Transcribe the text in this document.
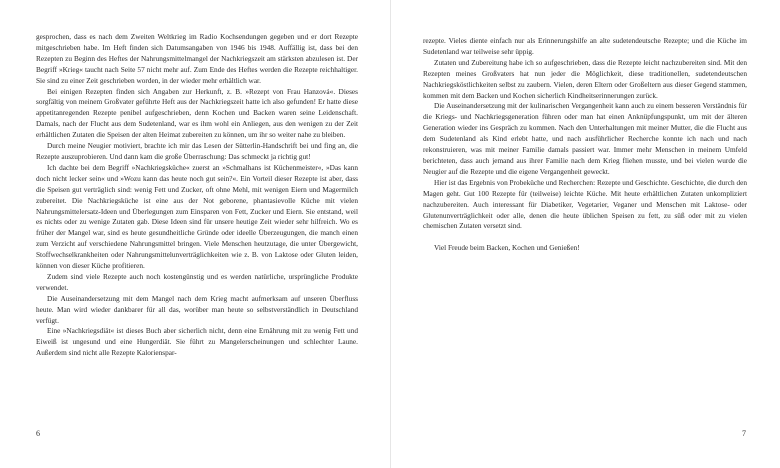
gesprochen, dass es nach dem Zweiten Weltkrieg im Radio Kochsendungen gegeben und er dort Rezepte mitgeschrieben habe. Im Heft finden sich Datumsangaben von 1946 bis 1948. Auffällig ist, dass bei den Rezepten zu Beginn des Heftes der Nahrungsmittelmangel der Nachkriegszeit am stärksten abzulesen ist. Der Begriff »Krieg« taucht nach Seite 57 nicht mehr auf. Zum Ende des Heftes werden die Rezepte reichhaltiger. Sie sind zu einer Zeit geschrieben worden, in der wieder mehr erhältlich war.

Bei einigen Rezepten finden sich Angaben zur Herkunft, z. B. »Rezept von Frau Hanzová«. Dieses sorgfältig von meinem Großvater geführte Heft aus der Nachkriegszeit hatte ich also gefunden! Er hatte diese appetitanregenden Rezepte penibel aufgeschrieben, denn Kochen und Backen waren seine Leidenschaft. Damals, nach der Flucht aus dem Sudetenland, war es ihm wohl ein Anliegen, aus den wenigen zu der Zeit erhältlichen Zutaten die Speisen der alten Heimat zubereiten zu können, um ihr so weiter nahe zu bleiben.

Durch meine Neugier motiviert, brachte ich mir das Lesen der Sütterlin-Handschrift bei und fing an, die Rezepte auszuprobieren. Und dann kam die große Überraschung: Das schmeckt ja richtig gut!

Ich dachte bei dem Begriff »Nachkriegsküche« zuerst an »Schmalhans ist Küchenmeister«, »Das kann doch nicht lecker sein« und »Wozu kann das heute noch gut sein?«. Ein Vorteil dieser Rezepte ist aber, dass die Speisen gut verträglich sind: wenig Fett und Zucker, oft ohne Mehl, mit wenigen Eiern und Magermilch zubereitet. Die Nachkriegsküche ist eine aus der Not geborene, phantasievolle Küche mit vielen Nahrungsmittelersatz-Ideen und Überlegungen zum Einsparen von Fett, Zucker und Eiern. Sie entstand, weil es nichts oder zu wenige Zutaten gab. Diese Ideen sind für unsere heutige Zeit wieder sehr hilfreich. Wo es früher der Mangel war, sind es heute gesundheitliche Gründe oder ideelle Überzeugungen, die manch einen zum Verzicht auf verschiedene Nahrungsmittel bringen. Viele Menschen heutzutage, die unter Übergewicht, Stoffwechselkrankheiten oder Nahrungsmittelunverträglichkeiten wie z. B. von Laktose oder Gluten leiden, können von dieser Küche profitieren.

Zudem sind viele Rezepte auch noch kostengünstig und es werden natürliche, ursprüngliche Produkte verwendet.

Die Auseinandersetzung mit dem Mangel nach dem Krieg macht aufmerksam auf unseren Überfluss heute. Man wird wieder dankbarer für all das, worüber man heute so selbstverständlich in Deutschland verfügt.

Eine »Nachkriegsdiät« ist dieses Buch aber sicherlich nicht, denn eine Ernährung mit zu wenig Fett und Eiweiß ist ungesund und eine Hungerdiät. Sie führt zu Mangelerscheinungen und schlechter Laune. Außerdem sind nicht alle Rezepte Kalorienspar-

6

rezepte. Vieles diente einfach nur als Erinnerungshilfe an alte sudetendeutsche Rezepte; und die Küche im Sudetenland war teilweise sehr üppig.

Zutaten und Zubereitung habe ich so aufgeschrieben, dass die Rezepte leicht nachzubereiten sind. Mit den Rezepten meines Großvaters hat nun jeder die Möglichkeit, diese traditionellen, sudetendeutschen Nachkriegsköstlichkeiten selbst zu zaubern. Vielen, deren Eltern oder Großeltern aus dieser Gegend stammen, kommen mit dem Backen und Kochen sicherlich Kindheitserinnerungen zurück.

Die Auseinandersetzung mit der kulinarischen Vergangenheit kann auch zu einem besseren Verständnis für die Kriegs- und Nachkriegsgeneration führen oder man hat einen Anknüpfungspunkt, um mit der älteren Generation wieder ins Gespräch zu kommen. Nach den Unterhaltungen mit meiner Mutter, die die Flucht aus dem Sudetenland als Kind erlebt hatte, und nach ausführlicher Recherche konnte ich nach und nach rekonstruieren, was mit meiner Familie damals passiert war. Immer mehr Menschen in meinem Umfeld berichteten, dass auch jemand aus ihrer Familie nach dem Krieg fliehen musste, und bei vielen wurde die Neugier auf die Rezepte und die eigene Vergangenheit geweckt.

Hier ist das Ergebnis von Probeküche und Recherchen: Rezepte und Geschichte. Geschichte, die durch den Magen geht. Gut 100 Rezepte für (teilweise) leichte Küche. Mit heute erhältlichen Zutaten unkompliziert nachzubereiten. Auch interessant für Diabetiker, Vegetarier, Veganer und Menschen mit Laktose- oder Glutenunverträglichkeit oder alle, denen die heute üblichen Speisen zu fett, zu süß oder mit zu vielen chemischen Zutaten versetzt sind.

Viel Freude beim Backen, Kochen und Genießen!

7
